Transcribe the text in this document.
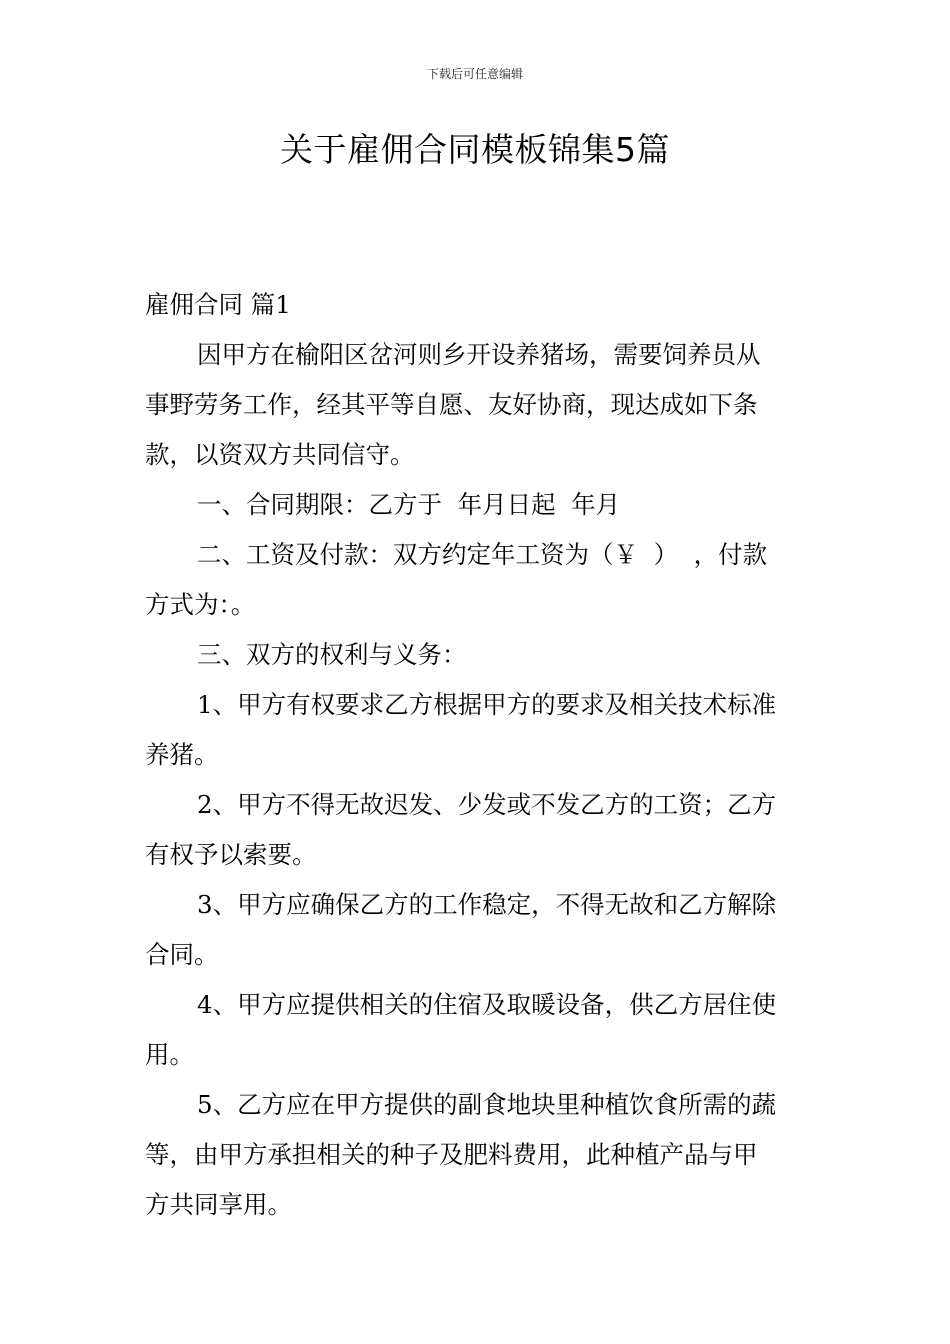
下载后可任意编辑
关于雇佣合同模板锦集5篇
雇佣合同 篇1
因甲方在榆阳区岔河则乡开设养猪场，需要饲养员从
事野劳务工作，经其平等自愿、友好协商，现达成如下条
款，以资双方共同信守。
一、合同期限：乙方于  年月日起  年月
二、工资及付款：双方约定年工资为（￥  ）  ，付款
方式为：。
三、双方的权利与义务：
1、甲方有权要求乙方根据甲方的要求及相关技术标准
养猪。
2、甲方不得无故迟发、少发或不发乙方的工资；乙方
有权予以索要。
3、甲方应确保乙方的工作稳定，不得无故和乙方解除
合同。
4、甲方应提供相关的住宿及取暖设备，供乙方居住使
用。
5、乙方应在甲方提供的副食地块里种植饮食所需的蔬
等，由甲方承担相关的种子及肥料费用，此种植产品与甲
方共同享用。
